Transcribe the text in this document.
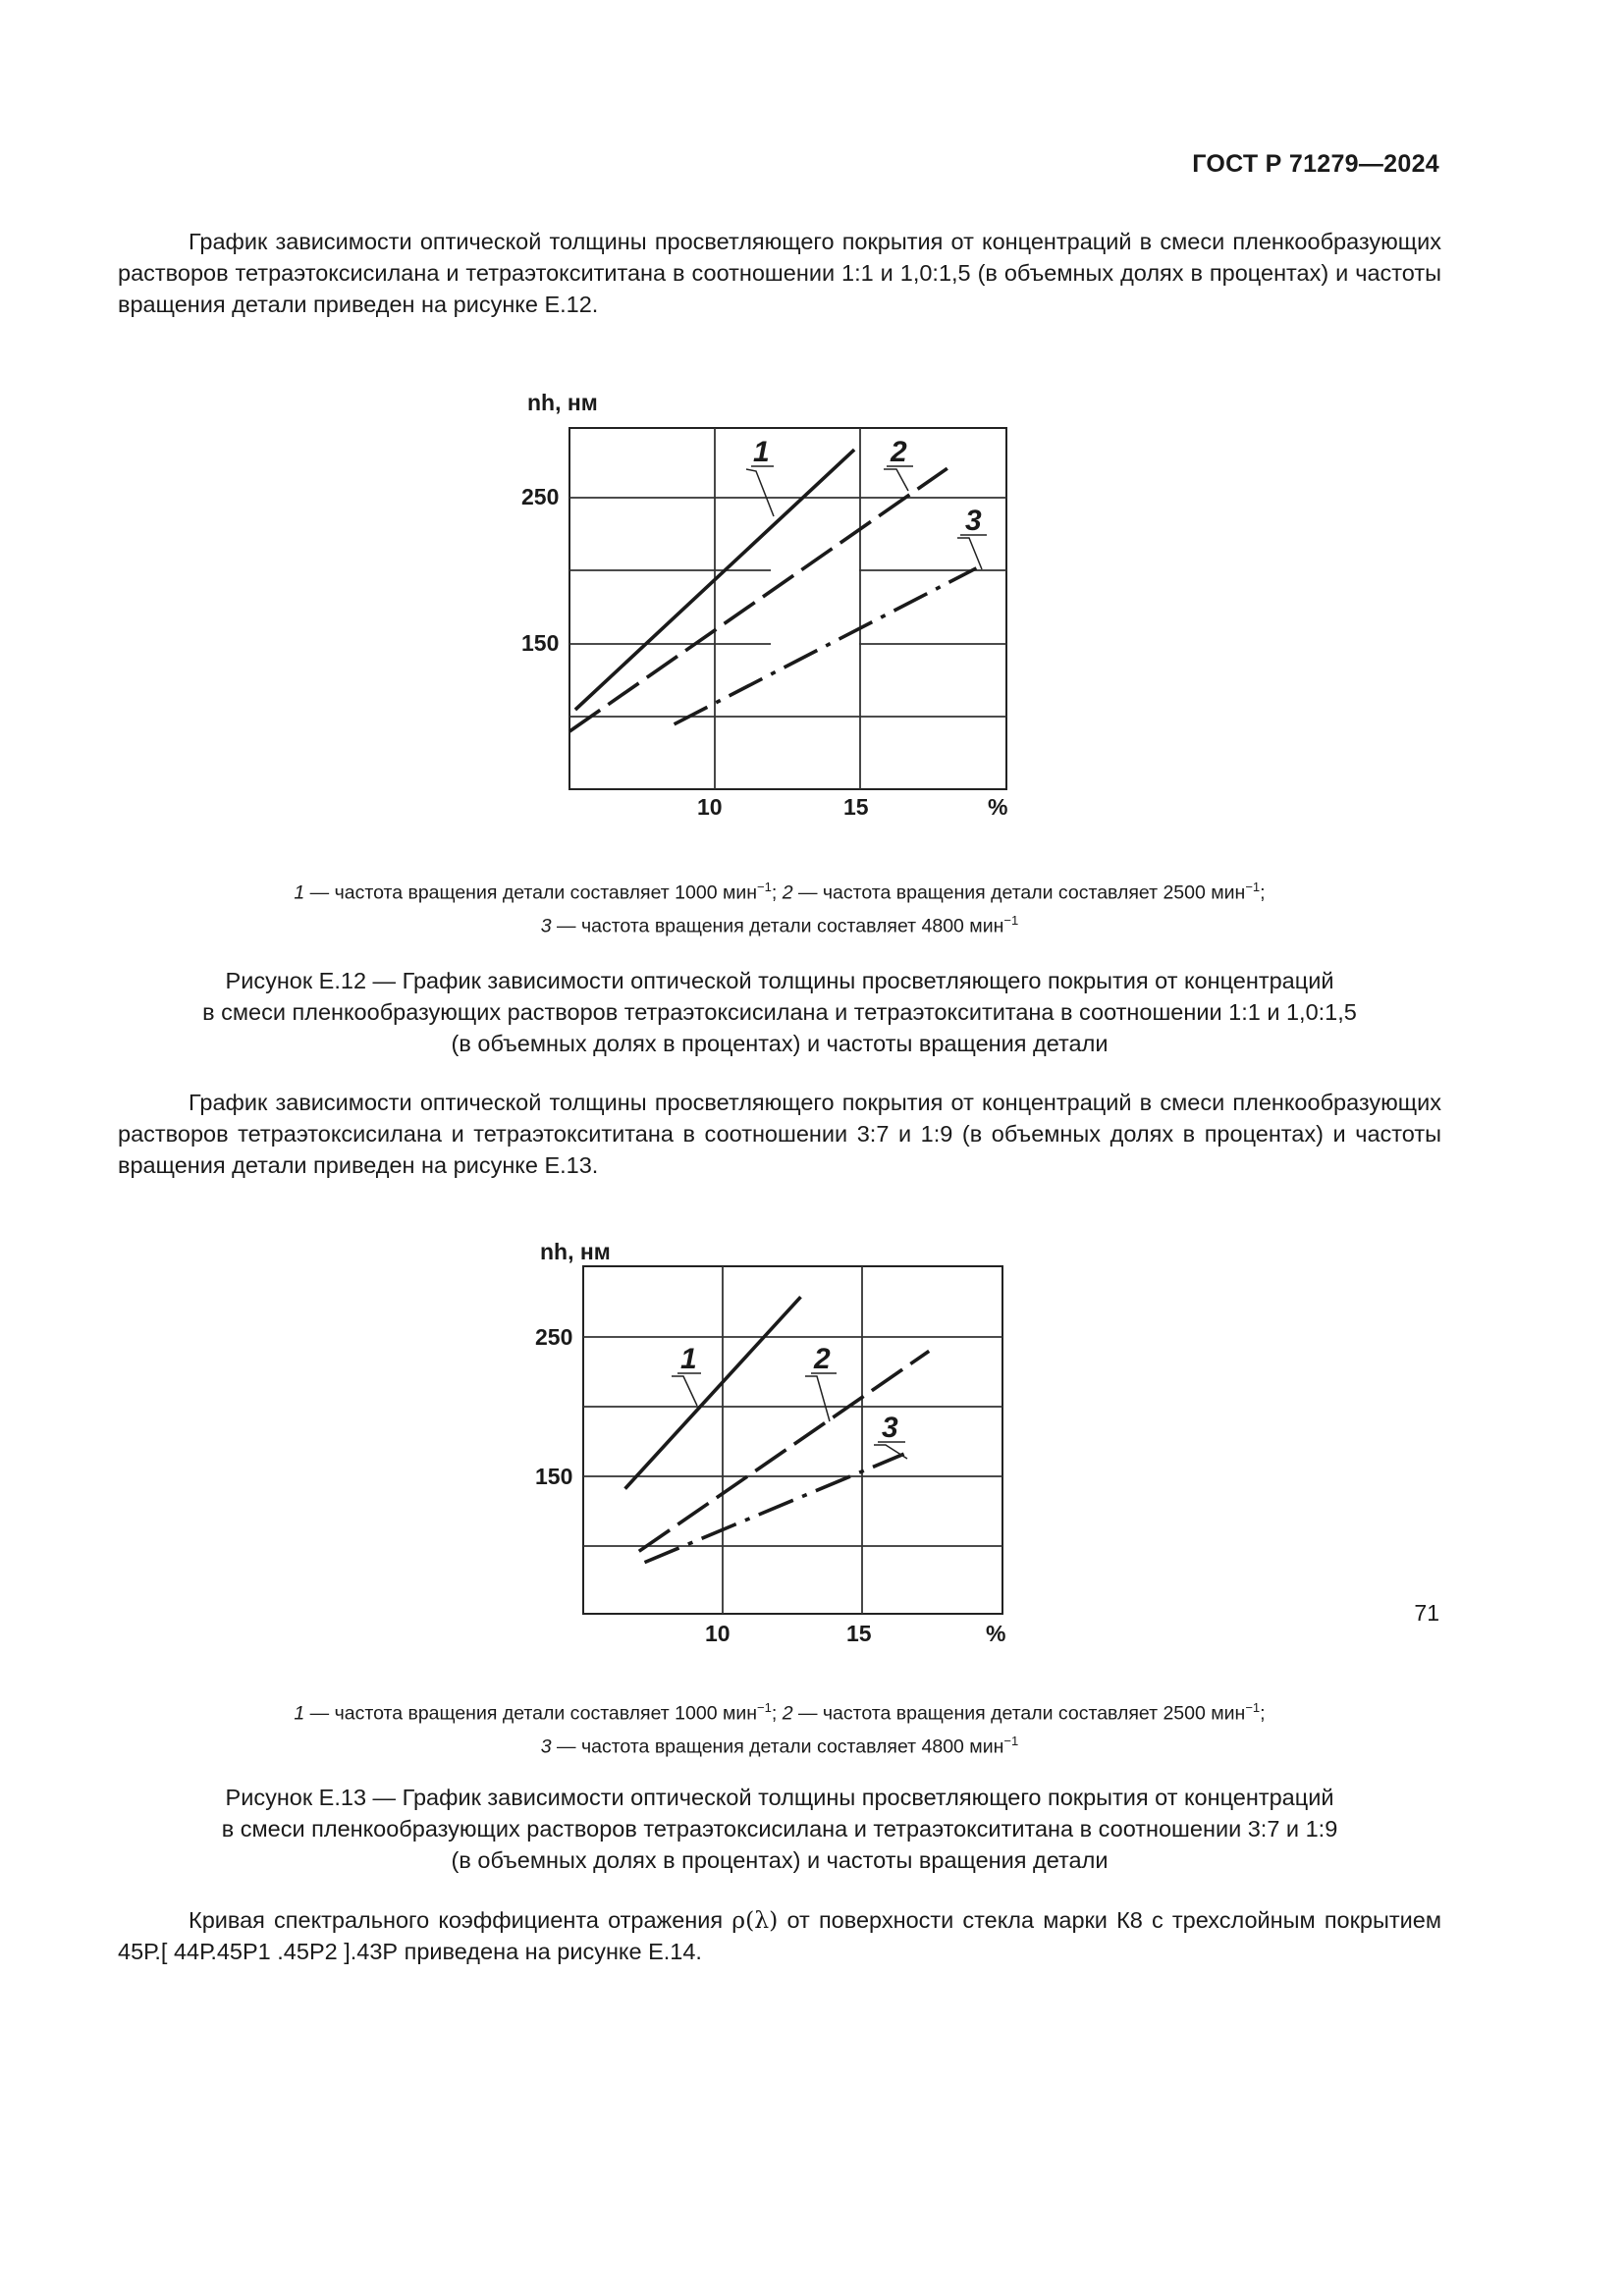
ГОСТ Р 71279—2024
График зависимости оптической толщины просветляющего покрытия от концентраций в смеси пленкообразующих растворов тетраэтоксисилана и тетраэтоксититана в соотношении 1:1 и 1,0:1,5 (в объемных долях в процентах) и частоты вращения детали приведен на рисунке Е.12.
nh, нм
250
150
10	15	%
1	2
3
nh, нм
250
150
10	15	%
1	2
3
1 — частота вращения детали составляет 1000 мин$^{-1}$; 2 — частота вращения детали составляет 2500 мин$^{-1}$;
3 — частота вращения детали составляет 4800 мин$^{-1}$
Рисунок Е.12 — График зависимости оптической толщины просветляющего покрытия от концентраций
в смеси пленкообразующих растворов тетраэтоксисилана и тетраэтоксититана в соотношении 1:1 и 1,0:1,5
(в объемных долях в процентах) и частоты вращения детали
График зависимости оптической толщины просветляющего покрытия от концентраций в смеси пленкообразующих растворов тетраэтоксисилана и тетраэтоксититана в соотношении 3:7 и 1:9 (в объемных долях в процентах) и частоты вращения детали приведен на рисунке Е.13.
1 — частота вращения детали составляет 1000 мин$^{-1}$; 2 — частота вращения детали составляет 2500 мин$^{-1}$;
3 — частота вращения детали составляет 4800 мин$^{-1}$
Рисунок Е.13 — График зависимости оптической толщины просветляющего покрытия от концентраций
в смеси пленкообразующих растворов тетраэтоксисилана и тетраэтоксититана в соотношении 3:7 и 1:9
(в объемных долях в процентах) и частоты вращения детали
Кривая спектрального коэффициента отражения ρ(λ) от поверхности стекла марки К8 с трехслойным покрытием 45Р.[ 44Р.45Р1 .45Р2 ].43Р приведена на рисунке Е.14.
71
